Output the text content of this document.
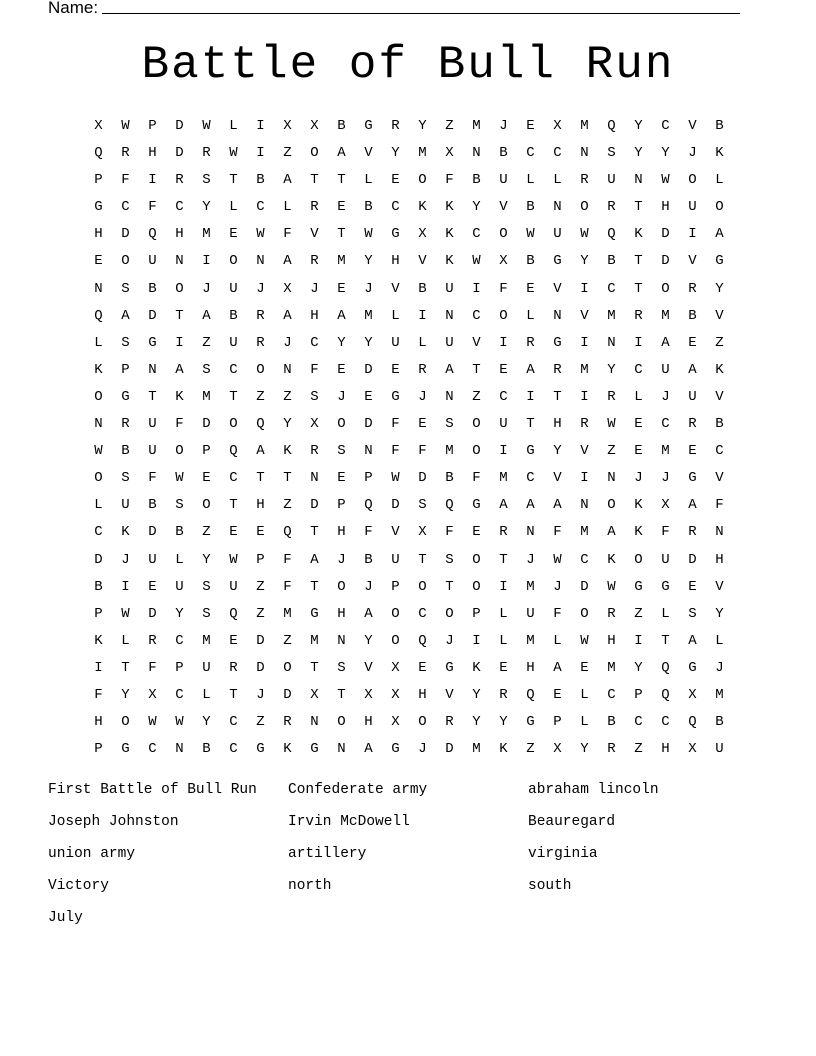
Name:
Battle of Bull Run
X	W	P	D	W	L	I	X	X	B	G	R	Y	Z	M	J	E	X	M	Q	Y	C	V	B
Q	R	H	D	R	W	I	Z	O	A	V	Y	M	X	N	B	C	C	N	S	Y	Y	J	K
P	F	I	R	S	T	B	A	T	T	L	E	O	F	B	U	L	L	R	U	N	W	O	L
G	C	F	C	Y	L	C	L	R	E	B	C	K	K	Y	V	B	N	O	R	T	H	U	O
H	D	Q	H	M	E	W	F	V	T	W	G	X	K	C	O	W	U	W	Q	K	D	I	A
E	O	U	N	I	O	N	A	R	M	Y	H	V	K	W	X	B	G	Y	B	T	D	V	G
N	S	B	O	J	U	J	X	J	E	J	V	B	U	I	F	E	V	I	C	T	O	R	Y
Q	A	D	T	A	B	R	A	H	A	M	L	I	N	C	O	L	N	V	M	R	M	B	V
L	S	G	I	Z	U	R	J	C	Y	Y	U	L	U	V	I	R	G	I	N	I	A	E	Z
K	P	N	A	S	C	O	N	F	E	D	E	R	A	T	E	A	R	M	Y	C	U	A	K
O	G	T	K	M	T	Z	Z	S	J	E	G	J	N	Z	C	I	T	I	R	L	J	U	V
N	R	U	F	D	O	Q	Y	X	O	D	F	E	S	O	U	T	H	R	W	E	C	R	B
W	B	U	O	P	Q	A	K	R	S	N	F	F	M	O	I	G	Y	V	Z	E	M	E	C
O	S	F	W	E	C	T	T	N	E	P	W	D	B	F	M	C	V	I	N	J	J	G	V
L	U	B	S	O	T	H	Z	D	P	Q	D	S	Q	G	A	A	A	N	O	K	X	A	F
C	K	D	B	Z	E	E	Q	T	H	F	V	X	F	E	R	N	F	M	A	K	F	R	N
D	J	U	L	Y	W	P	F	A	J	B	U	T	S	O	T	J	W	C	K	O	U	D	H
B	I	E	U	S	U	Z	F	T	O	J	P	O	T	O	I	M	J	D	W	G	G	E	V
P	W	D	Y	S	Q	Z	M	G	H	A	O	C	O	P	L	U	F	O	R	Z	L	S	Y
K	L	R	C	M	E	D	Z	M	N	Y	O	Q	J	I	L	M	L	W	H	I	T	A	L
I	T	F	P	U	R	D	O	T	S	V	X	E	G	K	E	H	A	E	M	Y	Q	G	J
F	Y	X	C	L	T	J	D	X	T	X	X	H	V	Y	R	Q	E	L	C	P	Q	X	M
H	O	W	W	Y	C	Z	R	N	O	H	X	O	R	Y	Y	G	P	L	B	C	C	Q	B
P	G	C	N	B	C	G	K	G	N	A	G	J	D	M	K	Z	X	Y	R	Z	H	X	U
First Battle of Bull Run	Confederate army	abraham lincoln
Joseph Johnston	Irvin McDowell	Beauregard
union army	artillery	virginia
Victory	north	south
July
